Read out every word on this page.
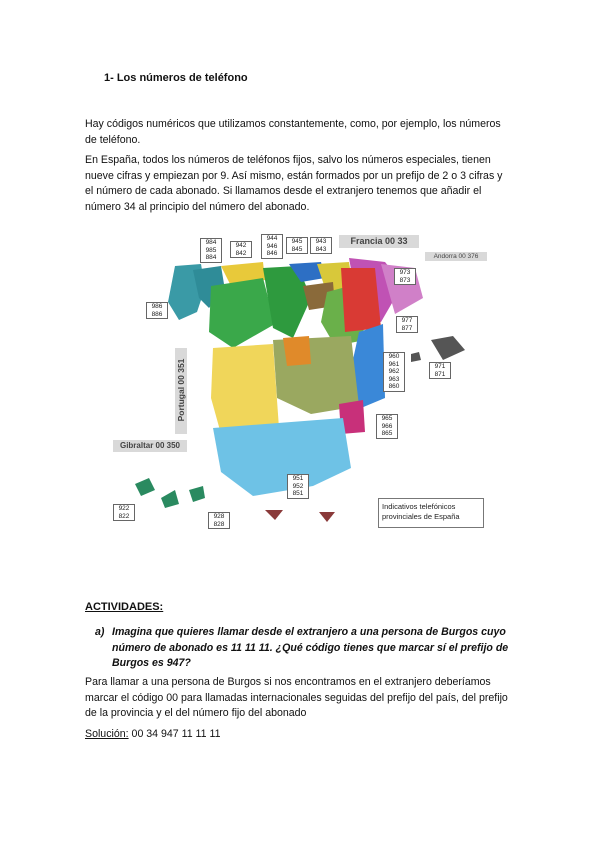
1- Los números de teléfono
Hay códigos numéricos que utilizamos constantemente, como, por ejemplo, los números de teléfono.
En España, todos los números de teléfonos fijos, salvo los números especiales, tienen nueve cifras y empiezan por 9. Así mismo, están formados por un prefijo de 2 o 3 cifras y el número de cada abonado. Si llamamos desde el extranjero tenemos que añadir el número 34 al principio del número del abonado.
Francia 00 33
Andorra 00 376
Portugal 00 351
Gibraltar 00 350
Indicativos telefónicos provinciales de España
984 985 884
942 842
944 946 846
945 845
943 843
986 886
973 873
977 877
960 961 962 963 860
971 871
965 966 865
951 952 851
922 822	928 828
ACTIVIDADES:
a) Imagina que quieres llamar desde el extranjero a una persona de Burgos cuyo número de abonado es 11 11 11. ¿Qué código tienes que marcar sí el prefijo de Burgos es 947?
Para llamar a una persona de Burgos si nos encontramos en el extranjero deberíamos marcar el código 00 para llamadas internacionales seguidas del prefijo del país, del prefijo de la provincia y el del número fijo del abonado
Solución: 00 34 947 11 11 11
